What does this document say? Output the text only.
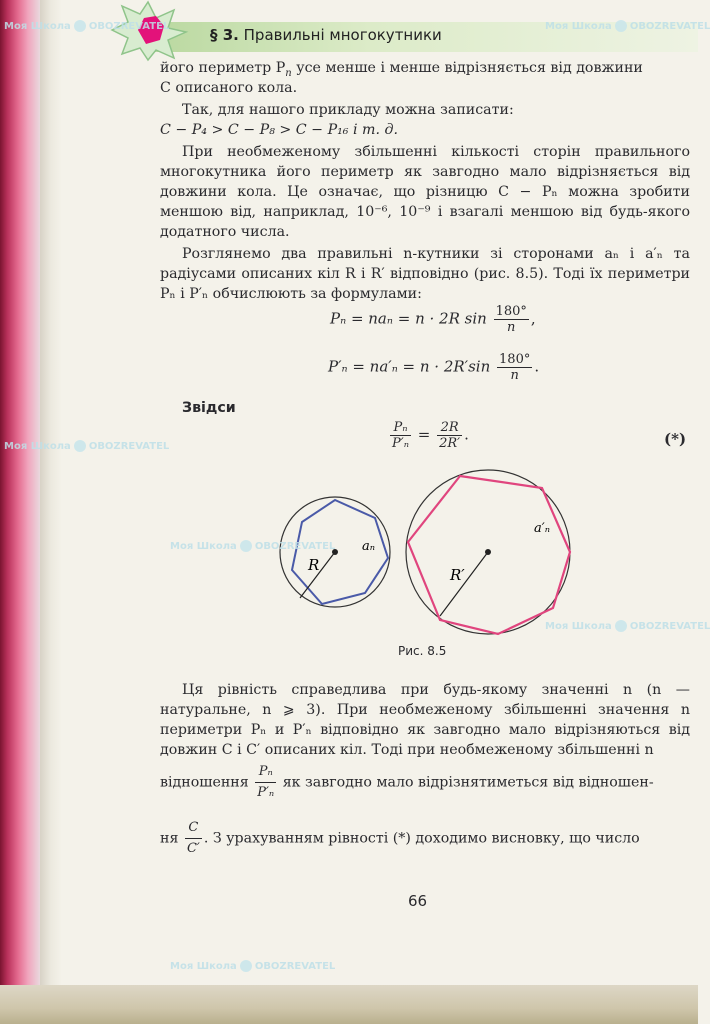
§ 3. Правильні многокутники
його периметр $P_n$ усе менше і менше відрізняється від довжини
C описаного кола.
Так, для нашого прикладу можна записати:
C − P₄ > C − P₈ > C − P₁₆ і т. д.
При необмеженому збільшенні кількості сторін правильного многокутника його периметр як завгодно мало відрізняється від довжини кола. Це означає, що різницю C − Pₙ можна зробити меншою від, наприклад, 10⁻⁶, 10⁻⁹ і взагалі меншою від будь-якого додатного числа.
Розглянемо два правильні n-кутники зі сторонами aₙ і a′ₙ та радіусами описаних кіл R і R′ відповідно (рис. 8.5). Тоді їх периметри Pₙ і P′ₙ обчислюють за формулами:
Pₙ = naₙ = n · 2R $\sin \frac{180^\circ}{n}$ ,
$P'_n = na'_n = n \cdot 2R'\sin \frac{180^\circ}{n}$ .
Звідси
$\frac{\text{Pₙ}}{\text{P′ₙ}} = \frac{2R}{2R'}$ .	(*)
R
aₙ
R′
a′ₙ
Рис. 8.5
Ця рівність справедлива при будь-якому значенні n (n — натуральне, n ⩾ 3). При необмеженому збільшенні значення n периметри Pₙ и P′ₙ відповідно як завгодно мало відрізняються від довжин C і C′ описаних кіл. Тоді при необмеженому збільшенні n
відношення $\frac{\text{Pₙ}}{\text{P′ₙ}}$ як завгодно мало відрізнятиметься від відношен-
ня $\frac{C}{C'}$ . З урахуванням рівності (*) доходимо висновку, що число
66
Моя Школа OBOZREVATEL	Моя Школа OBOZREVATEL
Моя Школа OBOZREVATEL
Моя Школа OBOZREVATEL
Моя Школа OBOZREVATEL
Моя Школа OBOZREVATEL
